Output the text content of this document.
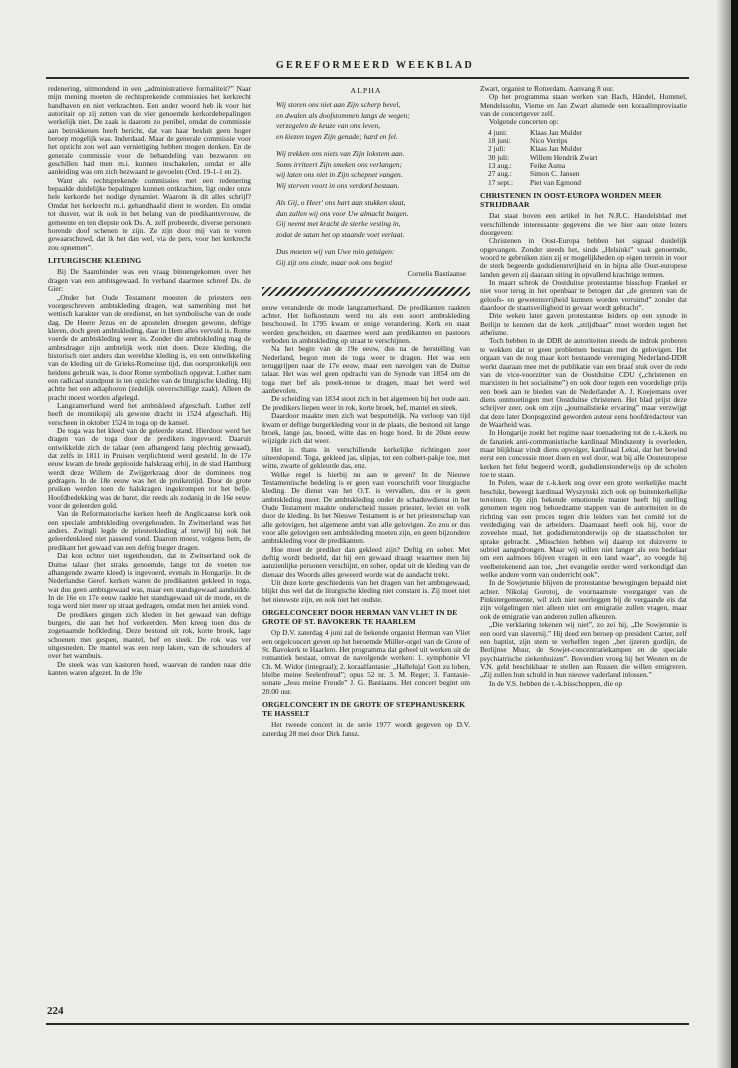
GEREFORMEERD WEEKBLAD

redenering, uitmondend in een „administratieve formaliteit?” Naar mijn mening moeten de rechtsprekende commissies het kerkrecht handhaven en niet verkrachten. Een ander woord heb ik voor het autoritair op zij zetten van de vier genoemde kerkordebepalingen werkelijk niet. De zaak is daarom zo penibel, omdat de commissie aan betrokkenen heeft bericht, dat van haar besluit geen hoger beroep mogelijk was. Inderdaad. Maar de generale commissie voor het opzicht zou wel aan vernietiging hebben mogen denken. En de generale commissie voor de behandeling van bezwaren en geschillen had men m.i. kunnen inschakelen, omdat er alle aanleiding was om zich bezwaard te gevoelen (Ord. 19-1-1 en 2).

Want als rechtsprekende commissies met een redenering bepaalde duidelijke bepalingen kunnen ontkrachten, ligt onder onze hele kerkorde het nodige dynamiet. Waarom ik dit alles schrijf? Omdat het kerkrecht m.i. gehandhaafd dient te worden. En omdat tot dusver, wat ik ook in het belang van de predikantsvrouw, de gemeente en ten diepste ook Ds. A. zelf probeerde, diverse personen horende doof schenen te zijn. Ze zijn door mij van te voren gewaarschuwd, dat ik het dan wel, via de pers, voor het kerkrecht zou opnemen”.

LITURGISCHE KLEDING

Bij De Saambinder was een vraag binnengekomen over het dragen van een ambtsgewaad. In verband daarmee schreef Ds. de Gier:

„Onder het Oude Testament moesten de priesters een voorgeschreven ambtskleding dragen, wat samenhing met het wettisch karakter van de eredienst, en het symbolische van de oude dag. De Heere Jezus en de apostelen droegen gewone, deftige kleren, doch geen ambtskleding, daar in Hem alles vervuld is. Rome voerde de ambtskleding weer in. Zonder die ambtskleding mag de ambtsdrager zijn ambtelijk werk niet doen. Deze kleding, die historisch niet anders dan wereldse kleding is, en een ontwikkeling van de kleding uit de Grieks-Romeinse tijd, dus oorspronkelijk een heidens gebruik was, is door Rome symbolisch opgevat. Luther nam een radicaal standpunt in ten opzichte van de liturgische kleding. Hij achtte het een adiaphoron (zedelijk onverschillige zaak). Alleen de pracht moest worden afgelegd.

Langzamerhand werd het ambtskleed afgeschaft. Luther zelf heeft de monnikspij als gewone dracht in 1524 afgeschaft. Hij verscheen in oktober 1524 in toga op de kansel.

De toga was het kleed van de geleerde stand. Hierdoor werd het dragen van de toga door de predikers ingevoerd. Daaruit ontwikkelde zich de talaar (een afhangend lang plechtig gewaad), dat zelfs in 1811 in Pruisen verplichtend werd gesteld. In de 17e eeuw kwam de brede geplooide halskraag erbij, in de stad Hamburg werdt deze Willem de Zwijgerkraag door de dominees nog gedragen. In de 18e eeuw was het de pruikentijd. Door de grote pruiken werden toen de halskragen ingekrompen tot het befje. Hoofdbedekking was de baret, die reeds als zodanig in de 16e eeuw voor de geleerden gold.

Van de Reformatorische kerken heeft de Anglicaanse kerk ook een speciale ambtskleding overgehouden. In Zwitserland was het anders. Zwingli legde de priesterkleding af terwijl hij ook het geleerdenkleed niet passend vond. Daarom moest, volgens hem, de predikant het gewaad van een deftig burger dragen.

Dat kon echter niet tegenhouden, dat in Zwitserland ook de Duitse talaar (het straks genoemde, lange tot de voeten toe afhangende zwarte kleed) is ingevoerd, evenals in Hongarije. In de Nederlandse Geref. kerken waren de predikanten gekleed in toga, wat dus geen ambtsgewaad was, maar een standsgewaad aanduidde. In de 16e en 17e eeuw raakte het standsgewaad uit de mode, en de toga werd niet meer op straat gedragen, omdat men het antiek vond.

De predikers gingen zich kleden in het gewaad van deftige burgers, die aan het hof verkeerden. Men kreeg toen dus de zogenaamde hofkleding. Deze bestond uit rok, korte broek, lage schoenen met gespen, mantel, bef en steek. De rok was ver uitgesneden. De mantel was een reep laken, van de schouders af over het wambuis.

De steek was van kastoren hoed, waarvan de randen naar drie kanten waren afgezet. In de 19e

ALPHA
Wij storen ons niet aan Zijn scherp bevel,
en dwalen als doofstommen langs de wegen;
verzegelen de keuze van ons leven,
en kiezen tegen Zijn genade; hard en fel.
Wij trekken ons niets van Zijn lokstem aan.
Soms irriteert Zijn smeken ons verlangen;
wij laten ons niet in Zijn schepnet vangen.
Wij sterven voort in ons verdord bestaan.
Als Gij, o Heer' ons hart aan stukken slaat,
dan zullen wij ons voor Uw almacht buigen.
Gij neemt met kracht de sterke vesting in,
zodat de satan het op staande voet verlaat.
Dus moeten wij van Uwe min getuigen:
Gij zijt ons einde, maar ook ons begin!
Cornelis Bastiaanse

eeuw veranderde de mode langzamerhand. De predikanten raakten achter. Het hofkostuum werd nu als een soort ambtskleding beschouwd. In 1795 kwam er enige verandering. Kerk en staat werden gescheiden, en daarmee werd aan predikanten en pastoors verboden in ambtskleding op straat te verschijnen.

Na het begin van de 19e eeuw, dus na de herstelling van Nederland, begon men de toga weer te dragen. Het was een teruggrijpen naar de 17e eeuw, maar een navolgen van de Duitse talaar. Het was wel geen opdracht van de Synode van 1854 om de toga met bef als preek-tenue te dragen, maar het werd wel aanbevolen.

De scheiding van 1834 stoot zich in het algemeen bij het oude aan. De predikers liepen weer in rok, korte broek, bef, mantel en steek.

Daardoor maakte men zich wat bespottelijk. Na verloop van tijd kwam er deftige burgerkleding voor in de plaats, die bestond uit lange broek, lange jas, booed, witte das en hoge hoed. In de 20ste eeuw wijzigde zich dat weer.

Het is thans in verschillende kerkelijke richtingen zeer uiteenlopend. Toga, gekleed jas, slipjas, tot een colbert-pakje toe, met witte, zwarte of gekleurde das, enz.

Welke regel is hierbij nu aan te geven? In de Nieuwe Testamentische bedeling is er geen vast voorschrift voor liturgische kleding. De dienst van het O.T. is vervallen, dus er is geen ambtskleding meer. De ambtskleding onder de schaduwdienst in het Oude Testament maakte onderscheid tussen priester, leviet en volk door de kleding. In het Nieuwe Testament is er het priesterschap van alle gelovigen, het algemene ambt van alle gelovigen. Zo zou er dus voor alle gelovigen een ambtskleding moeten zijn, en geen bijzondere ambtskleding voor de predikanten.

Hoe moet de prediker dan gekleed zijn? Deftig en sober. Met deftig wordt bedoeld, dat hij een gewaad draagt waarmee men bij aanzienlijke personen verschijnt, en sober, opdat uit de kleding van de dienaar des Woords alles geweerd worde wat de aandacht trekt.

Uit deze korte geschiedenis van het dragen van het ambtsgewaad, blijkt dus wel dat de liturgische kleding niet constant is. Zij moet niet het nieuwste zijn, en ook niet het oudste.

ORGELCONCERT DOOR HERMAN VAN VLIET IN DE GROTE OF ST. BAVOKERK TE HAARLEM

Op D.V. zaterdag 4 juni zal de bekende organist Herman van Vliet een orgelconcert geven op het beroemde Müller-orgel van de Grote of St. Bavokerk te Haarlem. Het programma dat geheel uit werken uit de romantiek bestaat, omvat de navolgende werken: 1. symphonie VI Ch. M. Widor (integraal); 2. koraalfantasie: „Halleluja! Gott zu loben, bleibe meine Seelenfreud”; opus 52 nr. 3. M. Reger; 3. Fantasie-sonate „Jesu meine Freude” J. G. Bastiaans. Het concert begint om 20.00 uur.

ORGELCONCERT IN DE GROTE OF STEPHANUSKERK TE HASSELT

Het tweede concert in de serie 1977 wordt gegeven op D.V. zaterdag 28 mei door Dirk Jansz.

Zwart, organist te Rotterdam. Aanvang 8 uur.

Op het programma staan werken van Bach, Händel, Hummel, Mendelssohn, Vierne en Jan Zwart alsmede een koraalimprovisatie van de concertgever zelf.

Volgende concerten op:

4 juni:	Klaas Jan Mulder
18 juni:	Nico Verrips
2 juli:	Klaas Jan Mulder
30 juli:	Willem Hendrik Zwart
13 aug.:	Feike Asma
27 aug.:	Simon C. Jansen
17 sept.:	Piet van Egmond
CHRISTENEN IN OOST-EUROPA WORDEN MEER STRIJDBAAR

Dat staat boven een artikel in het N.R.C. Handelsblad met verschillende interessante gegevens die we hier aan onze lezers doorgeven:

Christenen in Oost-Europa hebben het signaal duidelijk opgevangen. Zonder steeds het, sinds „Helsinki” vaak genoemde, woord te gebruiken zien zij er mogelijkheden op eigen terrein in voor de sterk begeerde godsdienstvrijheid en in bijna alle Oost-europese landen geven zij daaraan uiting in opvallend krachtige termen.

In maart schrok de Oostduitse protestantse bisschop Frankel er niet voor terug in het openbaar te betogen dat „de grenzen van de geloofs- en gewetensvrijheid kunnen worden verruimd” zonder dat daardoor de staatsveiligheid in gevaar wordt gebracht”.

Drie weken later gaven protestantse leiders op een synode in Berlijn te kennen dat de kerk „strijdbaar” moet worden tegen het atheïsme.

Toch hebben in de DDR de autoriteiten steeds de indruk proberen te wekken dat er geen problemen bestaan met de gelovigen. Het orgaan van de nog maar kort bestaande vereniging Nederland-DDR werkt daaraan mee met de publikatie van een braaf stuk over de rede van de vice-voorzitter van de Oostduitse CDU („christenen en marxisten in het socialisme”) en ook door tegen een voordelige prijs een boek aan te bieden van de Nederlander A. J. Koejemans over diens ontmoetingen met Oostduitse christenen. Het blad prijst deze schrijver zeer, ook om zijn „journalistieke ervaring” maar verzwijgt dat deze later Doopsgezind geworden auteur eens hoofdredacteur van de Waarheid was.

In Hongarije zoekt het regime naar toenadering tot de r.-k.kerk nu de fanatiek anti-communistische kardinaal Mindszenty is overleden, maar blijkbaar vindt diens opvolger, kardinaal Lekai, dat het bewind eerst een concessie moet doen en wel door, wat bij alle Oosteuropese kerken het felst begeerd wordt, godsdienstonderwijs op de scholen toe te staan.

In Polen, waar de r.-k.kerk nog over een grote werkelijke macht beschikt, beweegt kardinaal Wyszynski zich ook op buitenkerkelijke terreinen. Op zijn bekende emotionele manier heeft hij stelling genomen tegen nog behoedzame stappen van de autoriteiten in de richting van een proces tegen drie leiders van het comité tot de verdediging van de arbeiders. Daarnaast heeft ook hij, voor de zoveelste maal, het godsdienstonderwijs op de staatsscholen ter sprake gebracht. „Misschien hebben wij daarop tot duizverre te subtiel aangedrongen. Maar wij willen niet langer als een bedelaar om een aalmoes blijven vragen in een land waar”, zo voegde hij veelbetekenend aan toe, „het evangelie eerder werd verkondigd dan welke andere vorm van onderricht ook”.

In de Sowjetunie blijven de protestantse bewegingen bepaald niet achter. Nikolaj Gorotoj, de voornaamste voorganger van de Pinkstergemeente, wil zich niet neerleggen bij de vergaande eis dat zijn volgelingen niet alleen niet om emigratie zullen vragen, maar ook de emigratie van anderen zullen afkeuren.

„Die verklaring tekenen wij niet”, zo zei hij, „De Sowjetunie is een oord van slavernij.” Hij deed een beroep op president Carter, zelf een baptist, zijn stem te verheffen tegen „het ijzeren gordijn, de Berlijnse Muur, de Sowjet-concentratiekampen en de speciale psychiatrische ziekenhuizen”. Bovendien vroeg hij het Westen en de V.N. geld beschikbaar te stellen aan Russen die willen emigreren. „Zij zullen hun schuld in hun nieuwe vaderland inlossen.”

In de V.S. hebben de r.-k.bisschoppen, die op

224
